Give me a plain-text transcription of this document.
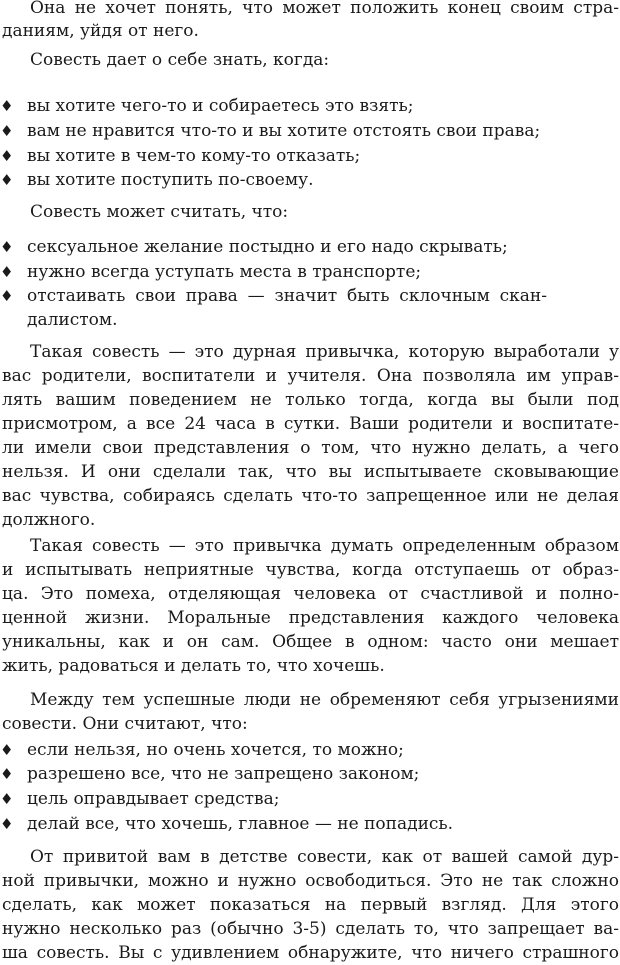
Она не хочет понять, что может положить конец своим стра-
даниям, уйдя от него.
Совесть дает о себе знать, когда:
♦ вы хотите чего-то и собираетесь это взять;
♦ вам не нравится что-то и вы хотите отстоять свои права;
♦ вы хотите в чем-то кому-то отказать;
♦ вы хотите поступить по-своему.
Совесть может считать, что:
♦ сексуальное желание постыдно и его надо скрывать;
♦ нужно всегда уступать места в транспорте;
♦ отстаивать свои права — значит быть склочным скан-
далистом.
Такая совесть — это дурная привычка, которую выработали у
вас родители, воспитатели и учителя. Она позволяла им управ-
лять вашим поведением не только тогда, когда вы были под
присмотром, а все 24 часа в сутки. Ваши родители и воспитате-
ли имели свои представления о том, что нужно делать, а чего
нельзя. И они сделали так, что вы испытываете сковывающие
вас чувства, собираясь сделать что-то запрещенное или не делая
должного.
Такая совесть — это привычка думать определенным образом
и испытывать неприятные чувства, когда отступаешь от образ-
ца. Это помеха, отделяющая человека от счастливой и полно-
ценной жизни. Моральные представления каждого человека
уникальны, как и он сам. Общее в одном: часто они мешает
жить, радоваться и делать то, что хочешь.
Между тем успешные люди не обременяют себя угрызениями
совести. Они считают, что:
♦ если нельзя, но очень хочется, то можно;
♦ разрешено все, что не запрещено законом;
♦ цель оправдывает средства;
♦ делай все, что хочешь, главное — не попадись.
От привитой вам в детстве совести, как от вашей самой дур-
ной привычки, можно и нужно освободиться. Это не так сложно
сделать, как может показаться на первый взгляд. Для этого
нужно несколько раз (обычно 3-5) сделать то, что запрещает ва-
ша совесть. Вы с удивлением обнаружите, что ничего страшного
